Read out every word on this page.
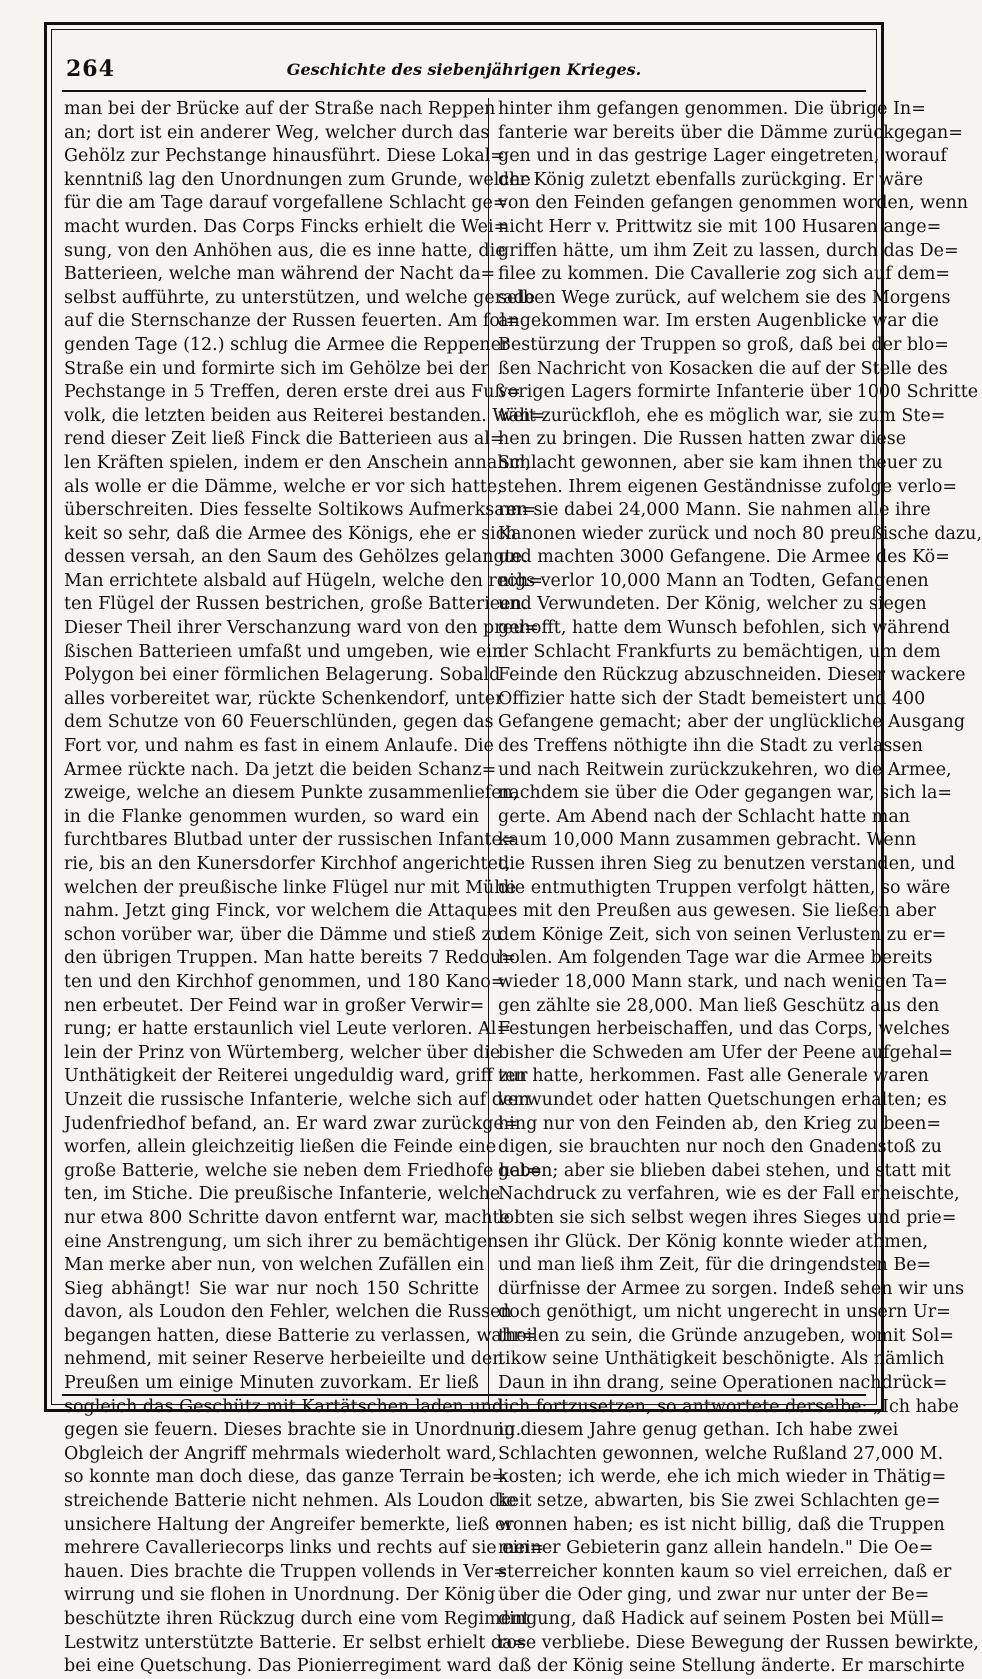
264	Geschichte des siebenjährigen Krieges.
man bei der Brücke auf der Straße nach Reppen
an; dort ist ein anderer Weg, welcher durch das
Gehölz zur Pechstange hinausführt. Diese Lokal=
kenntniß lag den Unordnungen zum Grunde, welche
für die am Tage darauf vorgefallene Schlacht ge=
macht wurden. Das Corps Fincks erhielt die Wei=
sung, von den Anhöhen aus, die es inne hatte, die
Batterieen, welche man während der Nacht da=
selbst aufführte, zu unterstützen, und welche gerade
auf die Sternschanze der Russen feuerten. Am fol=
genden Tage (12.) schlug die Armee die Reppener
Straße ein und formirte sich im Gehölze bei der
Pechstange in 5 Treffen, deren erste drei aus Fuß=
volk, die letzten beiden aus Reiterei bestanden. Wäh=
rend dieser Zeit ließ Finck die Batterieen aus al=
len Kräften spielen, indem er den Anschein annahm,
als wolle er die Dämme, welche er vor sich hatte,
überschreiten. Dies fesselte Soltikows Aufmerksam=
keit so sehr, daß die Armee des Königs, ehe er sich
dessen versah, an den Saum des Gehölzes gelangte.
Man errichtete alsbald auf Hügeln, welche den rech=
ten Flügel der Russen bestrichen, große Batterieen.
Dieser Theil ihrer Verschanzung ward von den preu=
ßischen Batterieen umfaßt und umgeben, wie ein
Polygon bei einer förmlichen Belagerung. Sobald
alles vorbereitet war, rückte Schenkendorf, unter
dem Schutze von 60 Feuerschlünden, gegen das
Fort vor, und nahm es fast in einem Anlaufe. Die
Armee rückte nach. Da jetzt die beiden Schanz=
zweige, welche an diesem Punkte zusammenliefen,
in die Flanke genommen wurden, so ward ein
furchtbares Blutbad unter der russischen Infante=
rie, bis an den Kunersdorfer Kirchhof angerichtet,
welchen der preußische linke Flügel nur mit Mühe
nahm. Jetzt ging Finck, vor welchem die Attaque
schon vorüber war, über die Dämme und stieß zu
den übrigen Truppen. Man hatte bereits 7 Redou=
ten und den Kirchhof genommen, und 180 Kano=
nen erbeutet. Der Feind war in großer Verwir=
rung; er hatte erstaunlich viel Leute verloren. Al=
lein der Prinz von Würtemberg, welcher über die
Unthätigkeit der Reiterei ungeduldig ward, griff zur
Unzeit die russische Infanterie, welche sich auf dem
Judenfriedhof befand, an. Er ward zwar zurückge=
worfen, allein gleichzeitig ließen die Feinde eine
große Batterie, welche sie neben dem Friedhofe hat=
ten, im Stiche. Die preußische Infanterie, welche
nur etwa 800 Schritte davon entfernt war, machte
eine Anstrengung, um sich ihrer zu bemächtigen.
Man merke aber nun, von welchen Zufällen ein
Sieg abhängt! Sie war nur noch 150 Schritte
davon, als Loudon den Fehler, welchen die Russen
begangen hatten, diese Batterie zu verlassen, wahr=
nehmend, mit seiner Reserve herbeieilte und den
Preußen um einige Minuten zuvorkam. Er ließ
sogleich das Geschütz mit Kartätschen laden und
gegen sie feuern. Dieses brachte sie in Unordnung.
Obgleich der Angriff mehrmals wiederholt ward,
so konnte man doch diese, das ganze Terrain be=
streichende Batterie nicht nehmen. Als Loudon die
unsichere Haltung der Angreifer bemerkte, ließ er
mehrere Cavalleriecorps links und rechts auf sie ein=
hauen. Dies brachte die Truppen vollends in Ver=
wirrung und sie flohen in Unordnung. Der König
beschützte ihren Rückzug durch eine vom Regiment
Lestwitz unterstützte Batterie. Er selbst erhielt da=
bei eine Quetschung. Das Pionierregiment ward
hinter ihm gefangen genommen. Die übrige In=
fanterie war bereits über die Dämme zurückgegan=
gen und in das gestrige Lager eingetreten, worauf
der König zuletzt ebenfalls zurückging. Er wäre
von den Feinden gefangen genommen worden, wenn
nicht Herr v. Prittwitz sie mit 100 Husaren ange=
griffen hätte, um ihm Zeit zu lassen, durch das De=
filee zu kommen. Die Cavallerie zog sich auf dem=
selben Wege zurück, auf welchem sie des Morgens
angekommen war. Im ersten Augenblicke war die
Bestürzung der Truppen so groß, daß bei der blo=
ßen Nachricht von Kosacken die auf der Stelle des
vorigen Lagers formirte Infanterie über 1000 Schritte
weit zurückfloh, ehe es möglich war, sie zum Ste=
hen zu bringen. Die Russen hatten zwar diese
Schlacht gewonnen, aber sie kam ihnen theuer zu
stehen. Ihrem eigenen Geständnisse zufolge verlo=
ren sie dabei 24,000 Mann. Sie nahmen alle ihre
Kanonen wieder zurück und noch 80 preußische dazu,
und machten 3000 Gefangene. Die Armee des Kö=
nigs verlor 10,000 Mann an Todten, Gefangenen
und Verwundeten. Der König, welcher zu siegen
gehofft, hatte dem Wunsch befohlen, sich während
der Schlacht Frankfurts zu bemächtigen, um dem
Feinde den Rückzug abzuschneiden. Dieser wackere
Offizier hatte sich der Stadt bemeistert und 400
Gefangene gemacht; aber der unglückliche Ausgang
des Treffens nöthigte ihn die Stadt zu verlassen
und nach Reitwein zurückzukehren, wo die Armee,
nachdem sie über die Oder gegangen war, sich la=
gerte. Am Abend nach der Schlacht hatte man
kaum 10,000 Mann zusammen gebracht. Wenn
die Russen ihren Sieg zu benutzen verstanden, und
die entmuthigten Truppen verfolgt hätten, so wäre
es mit den Preußen aus gewesen. Sie ließen aber
dem Könige Zeit, sich von seinen Verlusten zu er=
holen. Am folgenden Tage war die Armee bereits
wieder 18,000 Mann stark, und nach wenigen Ta=
gen zählte sie 28,000. Man ließ Geschütz aus den
Festungen herbeischaffen, und das Corps, welches
bisher die Schweden am Ufer der Peene aufgehal=
ten hatte, herkommen. Fast alle Generale waren
verwundet oder hatten Quetschungen erhalten; es
hing nur von den Feinden ab, den Krieg zu been=
digen, sie brauchten nur noch den Gnadenstoß zu
geben; aber sie blieben dabei stehen, und statt mit
Nachdruck zu verfahren, wie es der Fall erheischte,
lobten sie sich selbst wegen ihres Sieges und prie=
sen ihr Glück. Der König konnte wieder athmen,
und man ließ ihm Zeit, für die dringendsten Be=
dürfnisse der Armee zu sorgen. Indeß sehen wir uns
doch genöthigt, um nicht ungerecht in unsern Ur=
theilen zu sein, die Gründe anzugeben, womit Sol=
tikow seine Unthätigkeit beschönigte. Als nämlich
Daun in ihn drang, seine Operationen nachdrück=
lich fortzusetzen, so antwortete derselbe: „Ich habe
in diesem Jahre genug gethan. Ich habe zwei
Schlachten gewonnen, welche Rußland 27,000 M.
kosten; ich werde, ehe ich mich wieder in Thätig=
keit setze, abwarten, bis Sie zwei Schlachten ge=
wonnen haben; es ist nicht billig, daß die Truppen
meiner Gebieterin ganz allein handeln." Die Oe=
sterreicher konnten kaum so viel erreichen, daß er
über die Oder ging, und zwar nur unter der Be=
dingung, daß Hadick auf seinem Posten bei Müll=
rose verbliebe. Diese Bewegung der Russen bewirkte,
daß der König seine Stellung änderte. Er marschirte
